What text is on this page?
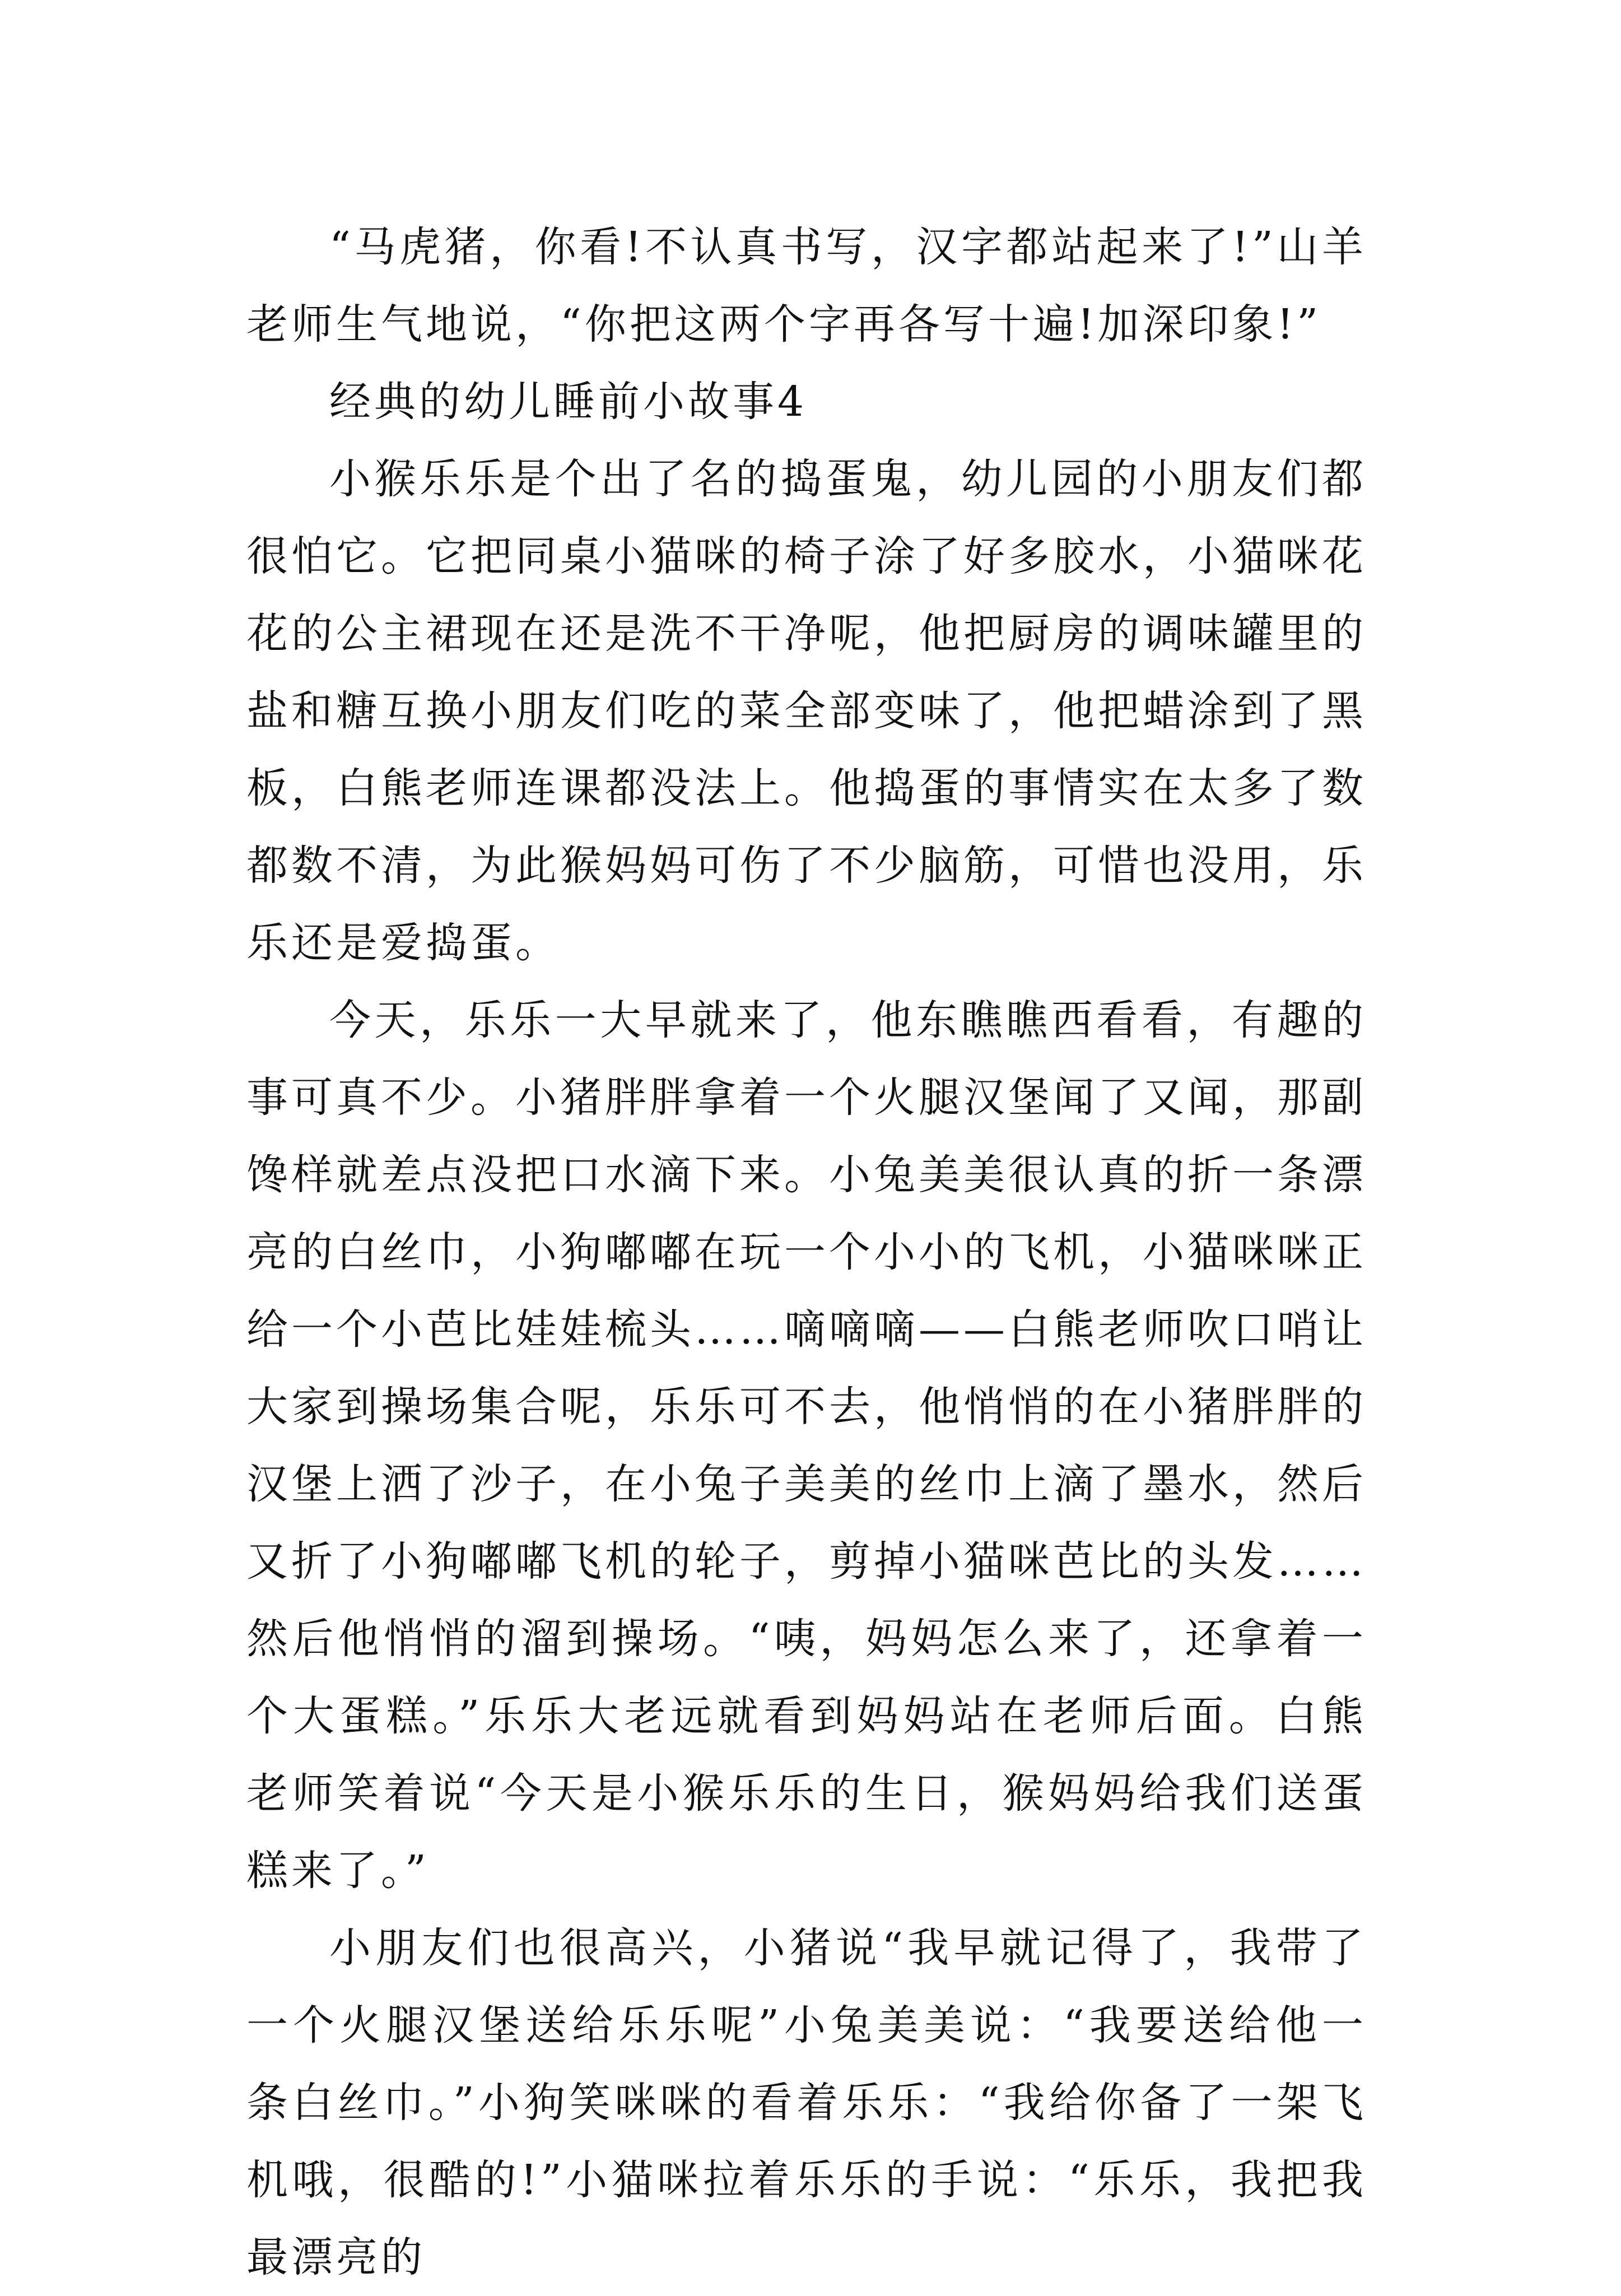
“马虎猪，你看!不认真书写，汉字都站起来了!”山羊老师生气地说，“你把这两个字再各写十遍!加深印象!”

经典的幼儿睡前小故事4

小猴乐乐是个出了名的捣蛋鬼，幼儿园的小朋友们都很怕它。它把同桌小猫咪的椅子涂了好多胶水，小猫咪花花的公主裙现在还是洗不干净呢，他把厨房的调味罐里的盐和糖互换小朋友们吃的菜全部变味了，他把蜡涂到了黑板，白熊老师连课都没法上。他捣蛋的事情实在太多了数都数不清，为此猴妈妈可伤了不少脑筋，可惜也没用，乐乐还是爱捣蛋。

今天，乐乐一大早就来了，他东瞧瞧西看看，有趣的事可真不少。小猪胖胖拿着一个火腿汉堡闻了又闻，那副馋样就差点没把口水滴下来。小兔美美很认真的折一条漂亮的白丝巾，小狗嘟嘟在玩一个小小的飞机，小猫咪咪正给一个小芭比娃娃梳头……嘀嘀嘀——白熊老师吹口哨让大家到操场集合呢，乐乐可不去，他悄悄的在小猪胖胖的汉堡上洒了沙子，在小兔子美美的丝巾上滴了墨水，然后又折了小狗嘟嘟飞机的轮子，剪掉小猫咪芭比的头发……然后他悄悄的溜到操场。“咦，妈妈怎么来了，还拿着一个大蛋糕。”乐乐大老远就看到妈妈站在老师后面。白熊老师笑着说“今天是小猴乐乐的生日，猴妈妈给我们送蛋糕来了。”

小朋友们也很高兴，小猪说“我早就记得了，我带了一个火腿汉堡送给乐乐呢”小兔美美说：“我要送给他一条白丝巾。”小狗笑咪咪的看着乐乐：“我给你备了一架飞机哦，很酷的!”小猫咪拉着乐乐的手说：“乐乐，我把我最漂亮的
